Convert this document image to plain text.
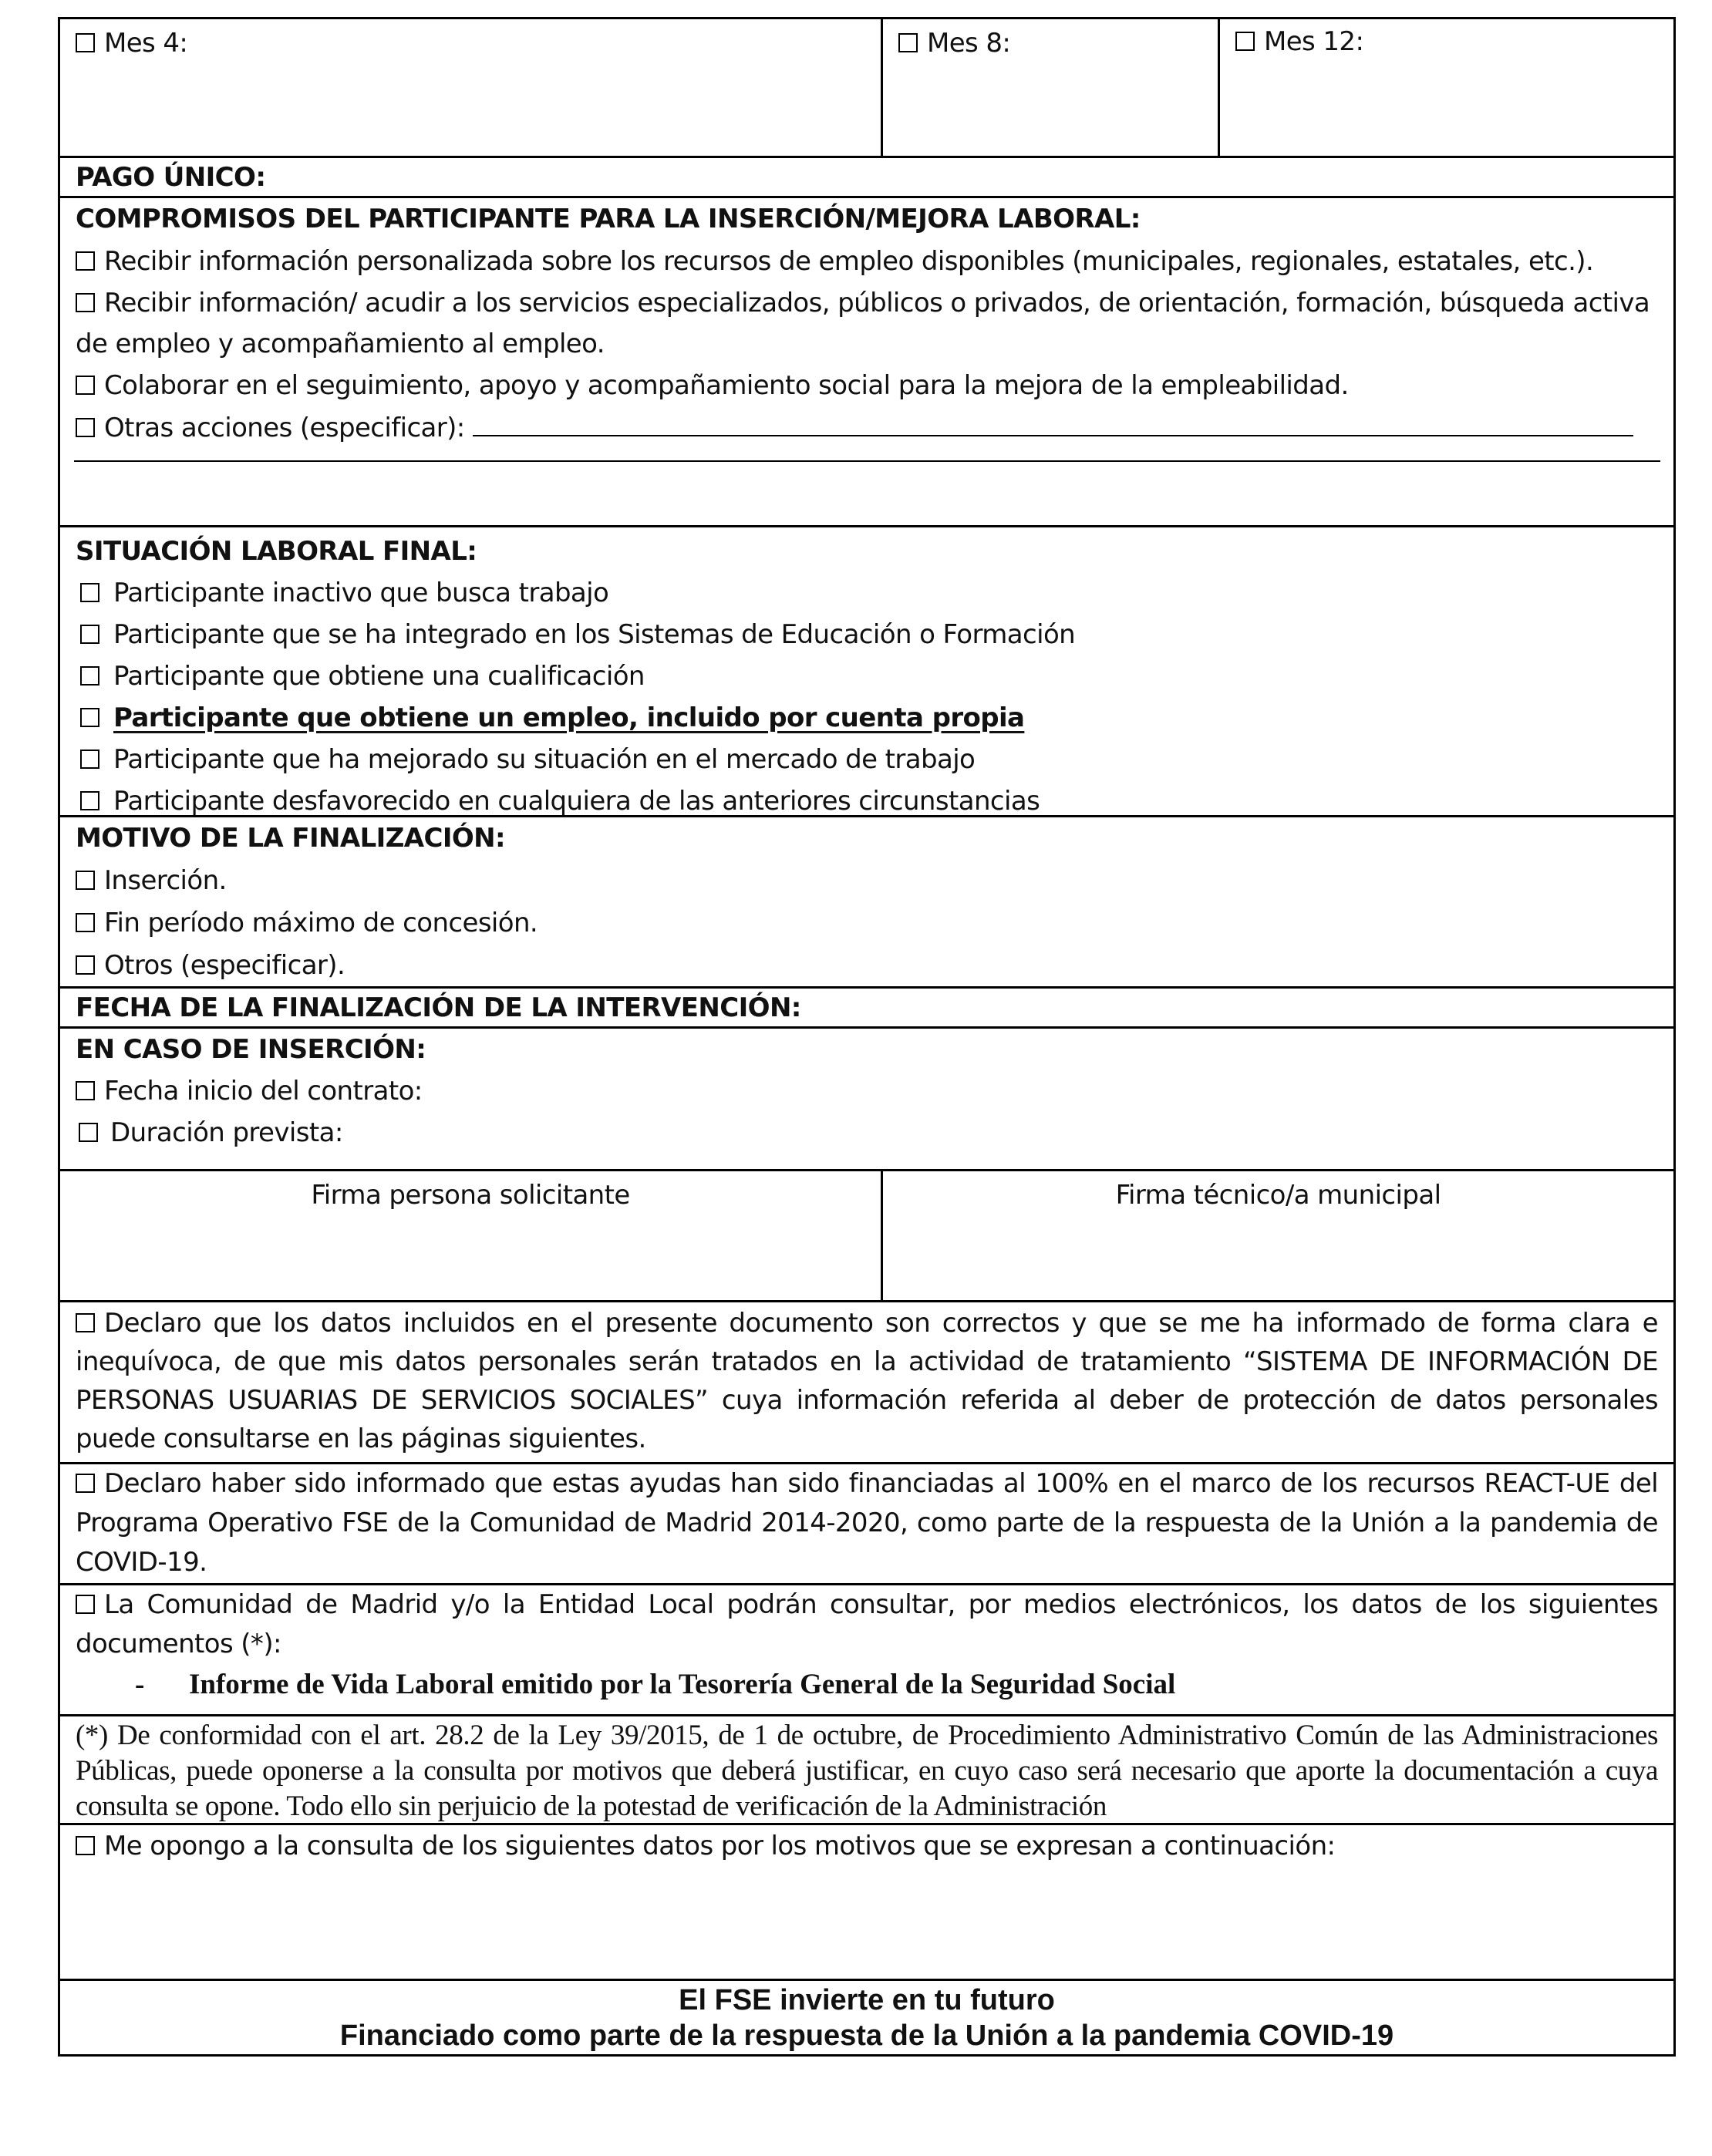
Mes 4:	Mes 8:	Mes 12:
PAGO ÚNICO:
COMPROMISOS DEL PARTICIPANTE PARA LA INSERCIÓN/MEJORA LABORAL:
Recibir información personalizada sobre los recursos de empleo disponibles (municipales, regionales, estatales, etc.).
Recibir información/ acudir a los servicios especializados, públicos o privados, de orientación, formación, búsqueda activa de empleo y acompañamiento al empleo.
Colaborar en el seguimiento, apoyo y acompañamiento social para la mejora de la empleabilidad.
Otras acciones (especificar):
SITUACIÓN LABORAL FINAL:
Participante inactivo que busca trabajo
Participante que se ha integrado en los Sistemas de Educación o Formación
Participante que obtiene una cualificación
Participante que obtiene un empleo, incluido por cuenta propia
Participante que ha mejorado su situación en el mercado de trabajo
Participante desfavorecido en cualquiera de las anteriores circunstancias
MOTIVO DE LA FINALIZACIÓN:
Inserción.
Fin período máximo de concesión.
Otros (especificar).
FECHA DE LA FINALIZACIÓN DE LA INTERVENCIÓN:
EN CASO DE INSERCIÓN:
Fecha inicio del contrato:
Duración prevista:
Firma persona solicitante	Firma técnico/a municipal
Declaro que los datos incluidos en el presente documento son correctos y que se me ha informado de forma clara e inequívoca, de que mis datos personales serán tratados en la actividad de tratamiento “SISTEMA DE INFORMACIÓN DE PERSONAS USUARIAS DE SERVICIOS SOCIALES” cuya información referida al deber de protección de datos personales puede consultarse en las páginas siguientes.
Declaro haber sido informado que estas ayudas han sido financiadas al 100% en el marco de los recursos REACT-UE del Programa Operativo FSE de la Comunidad de Madrid 2014-2020, como parte de la respuesta de la Unión a la pandemia de COVID-19.
La Comunidad de Madrid y/o la Entidad Local podrán consultar, por medios electrónicos, los datos de los siguientes documentos (*):
- Informe de Vida Laboral emitido por la Tesorería General de la Seguridad Social
(*) De conformidad con el art. 28.2 de la Ley 39/2015, de 1 de octubre, de Procedimiento Administrativo Común de las Administraciones Públicas, puede oponerse a la consulta por motivos que deberá justificar, en cuyo caso será necesario que aporte la documentación a cuya consulta se opone. Todo ello sin perjuicio de la potestad de verificación de la Administración
Me opongo a la consulta de los siguientes datos por los motivos que se expresan a continuación:
El FSE invierte en tu futuro
Financiado como parte de la respuesta de la Unión a la pandemia COVID-19
